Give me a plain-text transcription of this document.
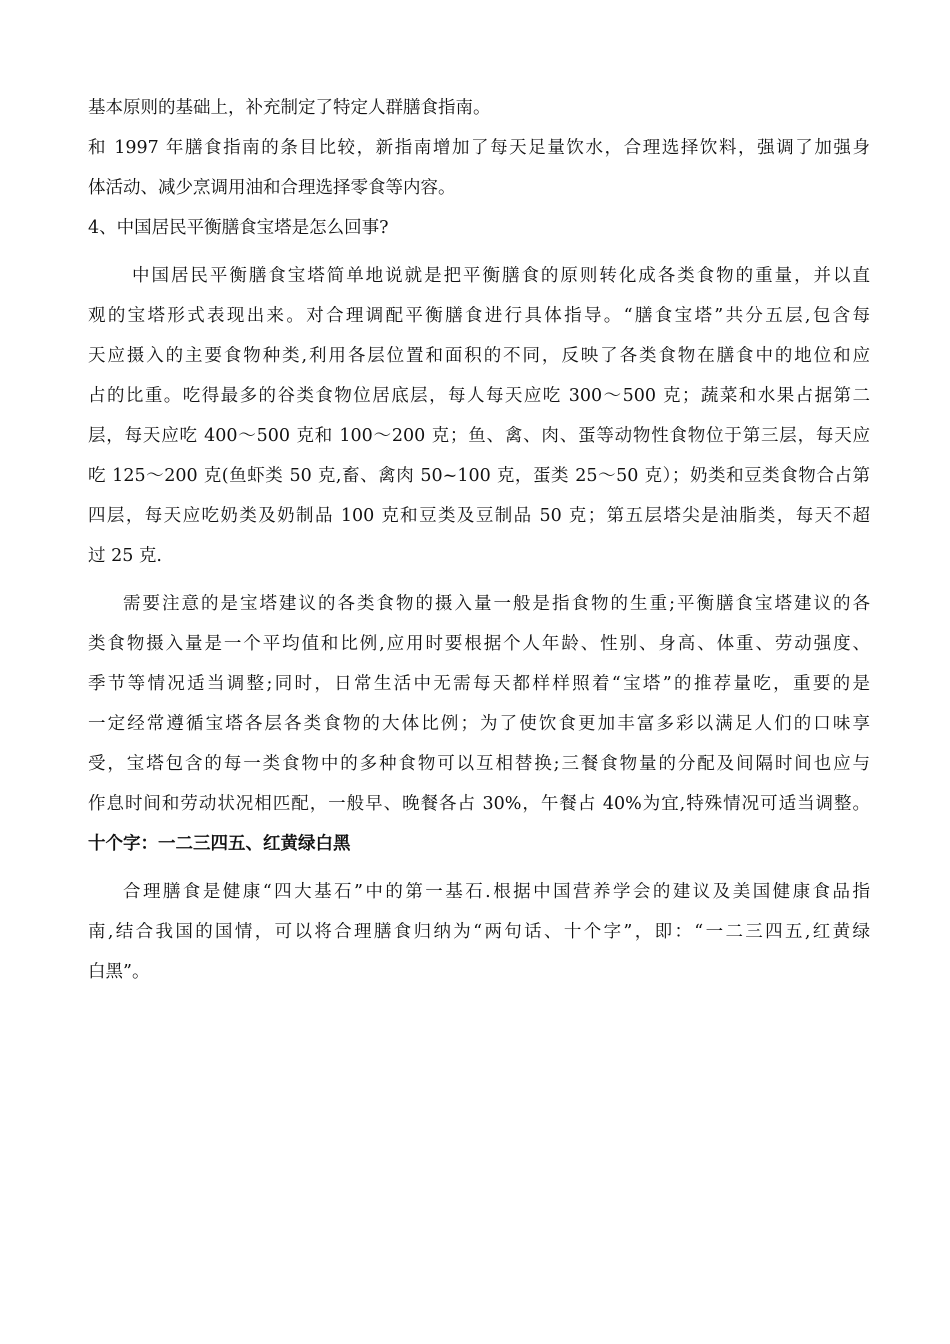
基本原则的基础上，补充制定了特定人群膳食指南。
和 1997 年膳食指南的条目比较，新指南增加了每天足量饮水，合理选择饮料，强调了加强身
体活动、减少烹调用油和合理选择零食等内容。
4、中国居民平衡膳食宝塔是怎么回事?
中国居民平衡膳食宝塔简单地说就是把平衡膳食的原则转化成各类食物的重量，并以直
观的宝塔形式表现出来。对合理调配平衡膳食进行具体指导。“膳食宝塔”共分五层,包含每
天应摄入的主要食物种类,利用各层位置和面积的不同，反映了各类食物在膳食中的地位和应
占的比重。吃得最多的谷类食物位居底层，每人每天应吃 300～500 克；蔬菜和水果占据第二
层，每天应吃 400～500 克和 100～200 克；鱼、禽、肉、蛋等动物性食物位于第三层，每天应
吃 125～200 克(鱼虾类 50 克,畜、禽肉 50~100 克，蛋类 25～50 克）；奶类和豆类食物合占第
四层，每天应吃奶类及奶制品 100 克和豆类及豆制品 50 克；第五层塔尖是油脂类，每天不超
过 25 克.
需要注意的是宝塔建议的各类食物的摄入量一般是指食物的生重;平衡膳食宝塔建议的各
类食物摄入量是一个平均值和比例,应用时要根据个人年龄、性别、身高、体重、劳动强度、
季节等情况适当调整;同时，日常生活中无需每天都样样照着“宝塔”的推荐量吃，重要的是
一定经常遵循宝塔各层各类食物的大体比例；为了使饮食更加丰富多彩以满足人们的口味享
受，宝塔包含的每一类食物中的多种食物可以互相替换;三餐食物量的分配及间隔时间也应与
作息时间和劳动状况相匹配，一般早、晚餐各占 30%，午餐占 40%为宜,特殊情况可适当调整。
十个字：一二三四五、红黄绿白黑
合理膳食是健康“四大基石”中的第一基石.根据中国营养学会的建议及美国健康食品指
南,结合我国的国情，可以将合理膳食归纳为“两句话、十个字”，即：“一二三四五,红黄绿
白黑”。
